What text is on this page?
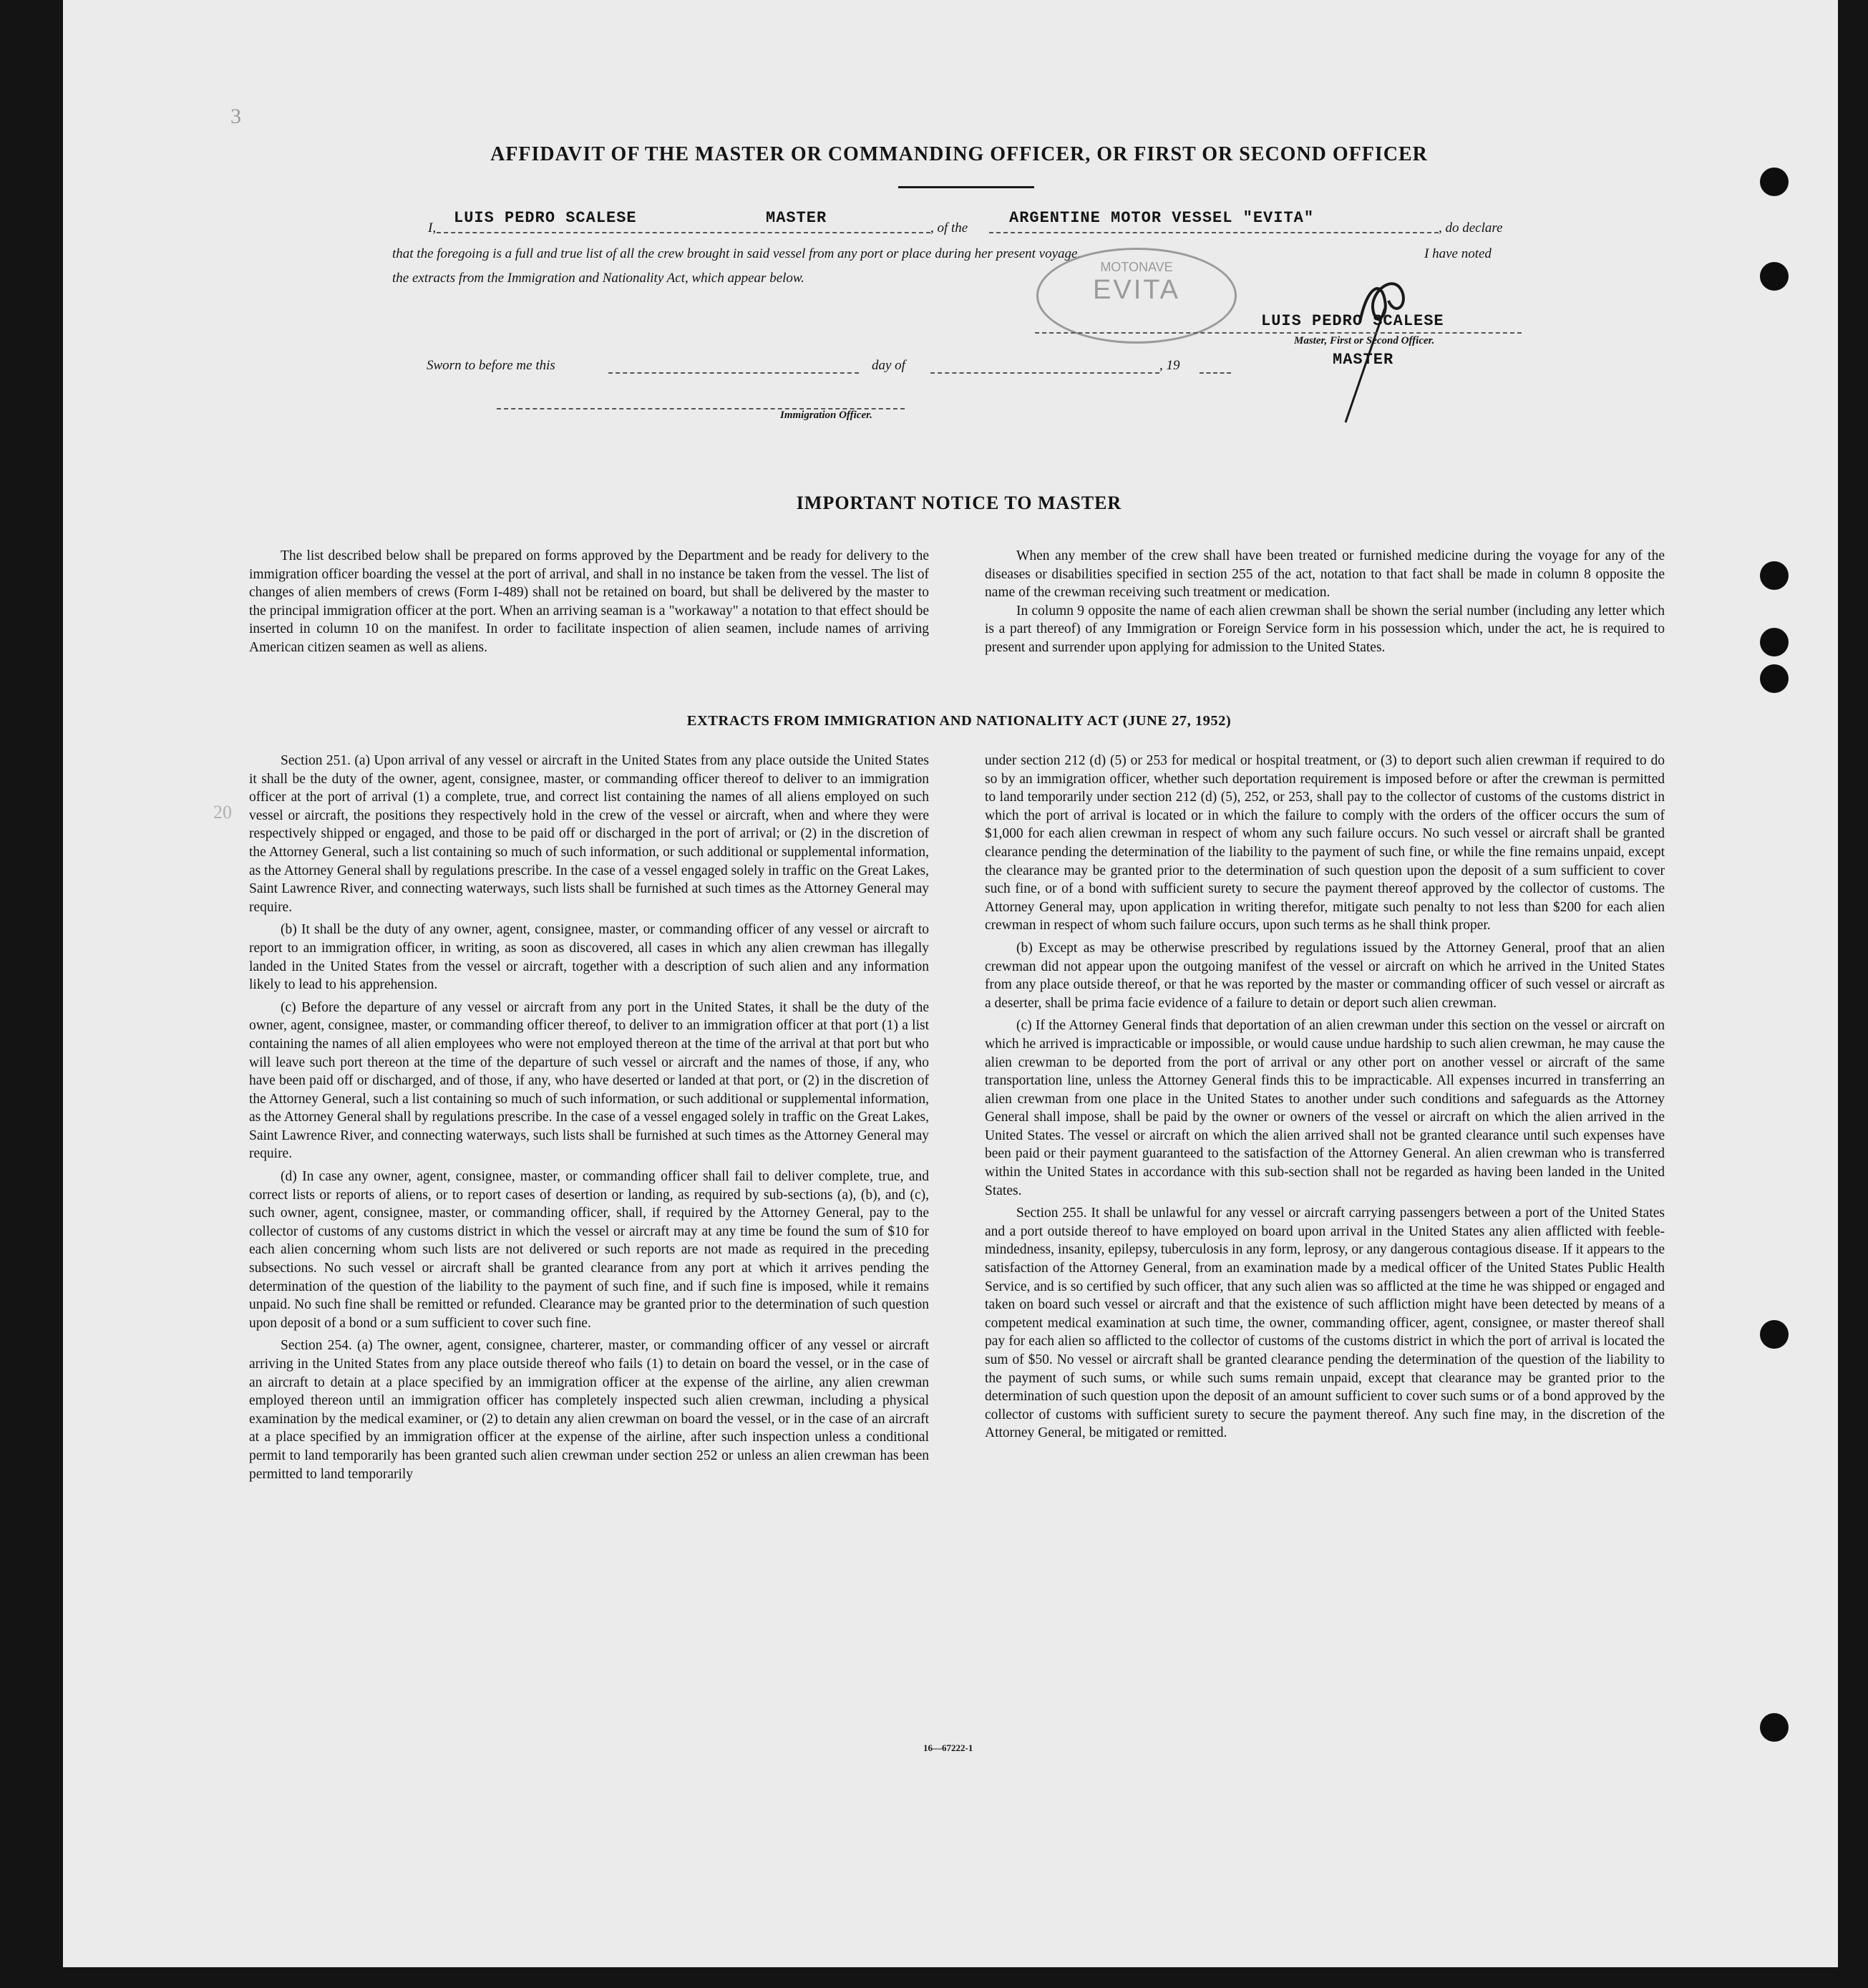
3
20
AFFIDAVIT OF THE MASTER OR COMMANDING OFFICER, OR FIRST OR SECOND OFFICER
I,
LUIS PEDRO SCALESE	MASTER
, of the
ARGENTINE MOTOR VESSEL "EVITA"
, do declare
that the foregoing is a full and true list of all the crew brought in said vessel from any port or place during her present voyage.	I have noted
the extracts from the Immigration and Nationality Act, which appear below.
MOTONAVE
EVITA
LUIS PEDRO SCALESE
Master, First or Second Officer.
MASTER
Sworn to before me this	day of	, 19
Immigration Officer.
IMPORTANT NOTICE TO MASTER

The list described below shall be prepared on forms approved by the Department and be ready for delivery to the immigration officer boarding the vessel at the port of arrival, and shall in no instance be taken from the vessel. The list of changes of alien members of crews (Form I-489) shall not be retained on board, but shall be delivered by the master to the principal immigration officer at the port. When an arriving seaman is a "workaway" a notation to that effect should be inserted in column 10 on the manifest. In order to facilitate inspection of alien seamen, include names of arriving American citizen seamen as well as aliens.

When any member of the crew shall have been treated or furnished medicine during the voyage for any of the diseases or disabilities specified in section 255 of the act, notation to that fact shall be made in column 8 opposite the name of the crewman receiving such treatment or medication.

In column 9 opposite the name of each alien crewman shall be shown the serial number (including any letter which is a part thereof) of any Immigration or Foreign Service form in his possession which, under the act, he is required to present and surrender upon applying for admission to the United States.

EXTRACTS FROM IMMIGRATION AND NATIONALITY ACT (JUNE 27, 1952)

Section 251. (a) Upon arrival of any vessel or aircraft in the United States from any place outside the United States it shall be the duty of the owner, agent, consignee, master, or commanding officer thereof to deliver to an immigration officer at the port of arrival (1) a complete, true, and correct list containing the names of all aliens employed on such vessel or aircraft, the positions they respectively hold in the crew of the vessel or aircraft, when and where they were respectively shipped or engaged, and those to be paid off or discharged in the port of arrival; or (2) in the discretion of the Attorney General, such a list containing so much of such information, or such additional or supplemental information, as the Attorney General shall by regulations prescribe. In the case of a vessel engaged solely in traffic on the Great Lakes, Saint Lawrence River, and connecting waterways, such lists shall be furnished at such times as the Attorney General may require.

(b) It shall be the duty of any owner, agent, consignee, master, or commanding officer of any vessel or aircraft to report to an immigration officer, in writing, as soon as discovered, all cases in which any alien crewman has illegally landed in the United States from the vessel or aircraft, together with a description of such alien and any information likely to lead to his apprehension.

(c) Before the departure of any vessel or aircraft from any port in the United States, it shall be the duty of the owner, agent, consignee, master, or commanding officer thereof, to deliver to an immigration officer at that port (1) a list containing the names of all alien employees who were not employed thereon at the time of the arrival at that port but who will leave such port thereon at the time of the departure of such vessel or aircraft and the names of those, if any, who have been paid off or discharged, and of those, if any, who have deserted or landed at that port, or (2) in the discretion of the Attorney General, such a list containing so much of such information, or such additional or supplemental information, as the Attorney General shall by regulations prescribe. In the case of a vessel engaged solely in traffic on the Great Lakes, Saint Lawrence River, and connecting waterways, such lists shall be furnished at such times as the Attorney General may require.

(d) In case any owner, agent, consignee, master, or commanding officer shall fail to deliver complete, true, and correct lists or reports of aliens, or to report cases of desertion or landing, as required by sub-sections (a), (b), and (c), such owner, agent, consignee, master, or commanding officer, shall, if required by the Attorney General, pay to the collector of customs of any customs district in which the vessel or aircraft may at any time be found the sum of $10 for each alien concerning whom such lists are not delivered or such reports are not made as required in the preceding subsections. No such vessel or aircraft shall be granted clearance from any port at which it arrives pending the determination of the question of the liability to the payment of such fine, and if such fine is imposed, while it remains unpaid. No such fine shall be remitted or refunded. Clearance may be granted prior to the determination of such question upon deposit of a bond or a sum sufficient to cover such fine.

Section 254. (a) The owner, agent, consignee, charterer, master, or commanding officer of any vessel or aircraft arriving in the United States from any place outside thereof who fails (1) to detain on board the vessel, or in the case of an aircraft to detain at a place specified by an immigration officer at the expense of the airline, any alien crewman employed thereon until an immigration officer has completely inspected such alien crewman, including a physical examination by the medical examiner, or (2) to detain any alien crewman on board the vessel, or in the case of an aircraft at a place specified by an immigration officer at the expense of the airline, after such inspection unless a conditional permit to land temporarily has been granted such alien crewman under section 252 or unless an alien crewman has been permitted to land temporarily

under section 212 (d) (5) or 253 for medical or hospital treatment, or (3) to deport such alien crewman if required to do so by an immigration officer, whether such deportation requirement is imposed before or after the crewman is permitted to land temporarily under section 212 (d) (5), 252, or 253, shall pay to the collector of customs of the customs district in which the port of arrival is located or in which the failure to comply with the orders of the officer occurs the sum of $1,000 for each alien crewman in respect of whom any such failure occurs. No such vessel or aircraft shall be granted clearance pending the determination of the liability to the payment of such fine, or while the fine remains unpaid, except the clearance may be granted prior to the determination of such question upon the deposit of a sum sufficient to cover such fine, or of a bond with sufficient surety to secure the payment thereof approved by the collector of customs. The Attorney General may, upon application in writing therefor, mitigate such penalty to not less than $200 for each alien crewman in respect of whom such failure occurs, upon such terms as he shall think proper.

(b) Except as may be otherwise prescribed by regulations issued by the Attorney General, proof that an alien crewman did not appear upon the outgoing manifest of the vessel or aircraft on which he arrived in the United States from any place outside thereof, or that he was reported by the master or commanding officer of such vessel or aircraft as a deserter, shall be prima facie evidence of a failure to detain or deport such alien crewman.

(c) If the Attorney General finds that deportation of an alien crewman under this section on the vessel or aircraft on which he arrived is impracticable or impossible, or would cause undue hardship to such alien crewman, he may cause the alien crewman to be deported from the port of arrival or any other port on another vessel or aircraft of the same transportation line, unless the Attorney General finds this to be impracticable. All expenses incurred in transferring an alien crewman from one place in the United States to another under such conditions and safeguards as the Attorney General shall impose, shall be paid by the owner or owners of the vessel or aircraft on which the alien arrived in the United States. The vessel or aircraft on which the alien arrived shall not be granted clearance until such expenses have been paid or their payment guaranteed to the satisfaction of the Attorney General. An alien crewman who is transferred within the United States in accordance with this sub-section shall not be regarded as having been landed in the United States.

Section 255. It shall be unlawful for any vessel or aircraft carrying passengers between a port of the United States and a port outside thereof to have employed on board upon arrival in the United States any alien afflicted with feeble-mindedness, insanity, epilepsy, tuberculosis in any form, leprosy, or any dangerous contagious disease. If it appears to the satisfaction of the Attorney General, from an examination made by a medical officer of the United States Public Health Service, and is so certified by such officer, that any such alien was so afflicted at the time he was shipped or engaged and taken on board such vessel or aircraft and that the existence of such affliction might have been detected by means of a competent medical examination at such time, the owner, commanding officer, agent, consignee, or master thereof shall pay for each alien so afflicted to the collector of customs of the customs district in which the port of arrival is located the sum of $50. No vessel or aircraft shall be granted clearance pending the determination of the question of the liability to the payment of such sums, or while such sums remain unpaid, except that clearance may be granted prior to the determination of such question upon the deposit of an amount sufficient to cover such sums or of a bond approved by the collector of customs with sufficient surety to secure the payment thereof. Any such fine may, in the discretion of the Attorney General, be mitigated or remitted.

16—67222-1
